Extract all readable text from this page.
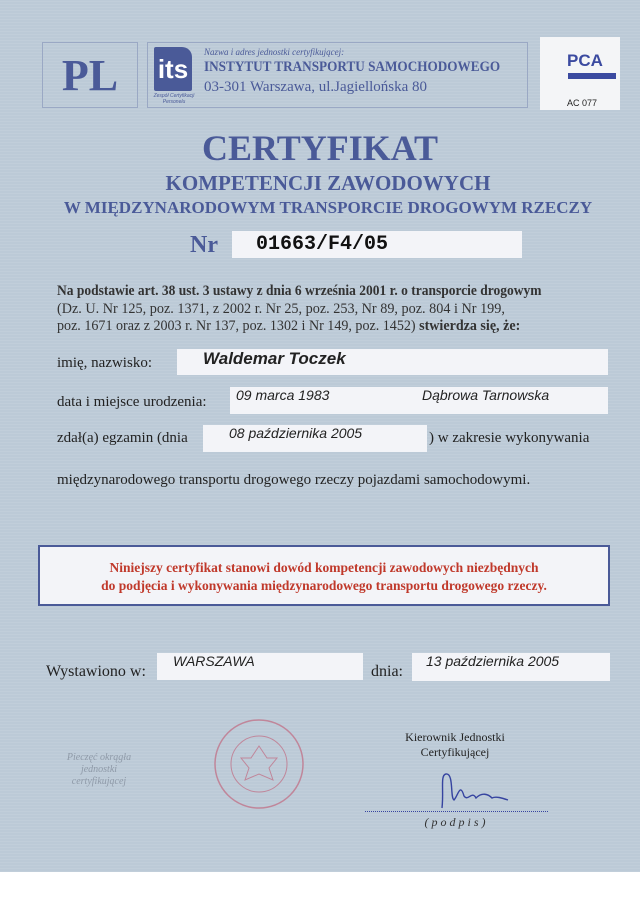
PL	its
Zespół Certyfikacji Personelu
Nazwa i adres jednostki certyfikującej:
INSTYTUT TRANSPORTU SAMOCHODOWEGO
03-301 Warszawa, ul.Jagiellońska 80
PCA
AC 077
CERTYFIKAT
KOMPETENCJI ZAWODOWYCH
W MIĘDZYNARODOWYM TRANSPORCIE DROGOWYM RZECZY
Nr	01663/F4/05
Na podstawie art. 38 ust. 3 ustawy z dnia 6 września 2001 r. o transporcie drogowym
(Dz. U. Nr 125, poz. 1371, z 2002 r. Nr 25, poz. 253, Nr 89, poz. 804 i Nr 199,
poz. 1671 oraz z 2003 r. Nr 137, poz. 1302 i Nr 149, poz. 1452) stwierdza się, że:
imię, nazwisko:	Waldemar Toczek
data i miejsce urodzenia: 09 marca 1983	Dąbrowa Tarnowska
zdał(a) egzamin (dnia	08 października 2005	) w zakresie wykonywania
międzynarodowego transportu drogowego rzeczy pojazdami samochodowymi.
Niniejszy certyfikat stanowi dowód kompetencji zawodowych niezbędnych
do podjęcia i wykonywania międzynarodowego transportu drogowego rzeczy.
Wystawiono w:
WARSZAWA
dnia:
13 października 2005
Pieczęć okrągła
jednostki
certyfikującej
Kierownik Jednostki
Certyfikującej
(podpis)
